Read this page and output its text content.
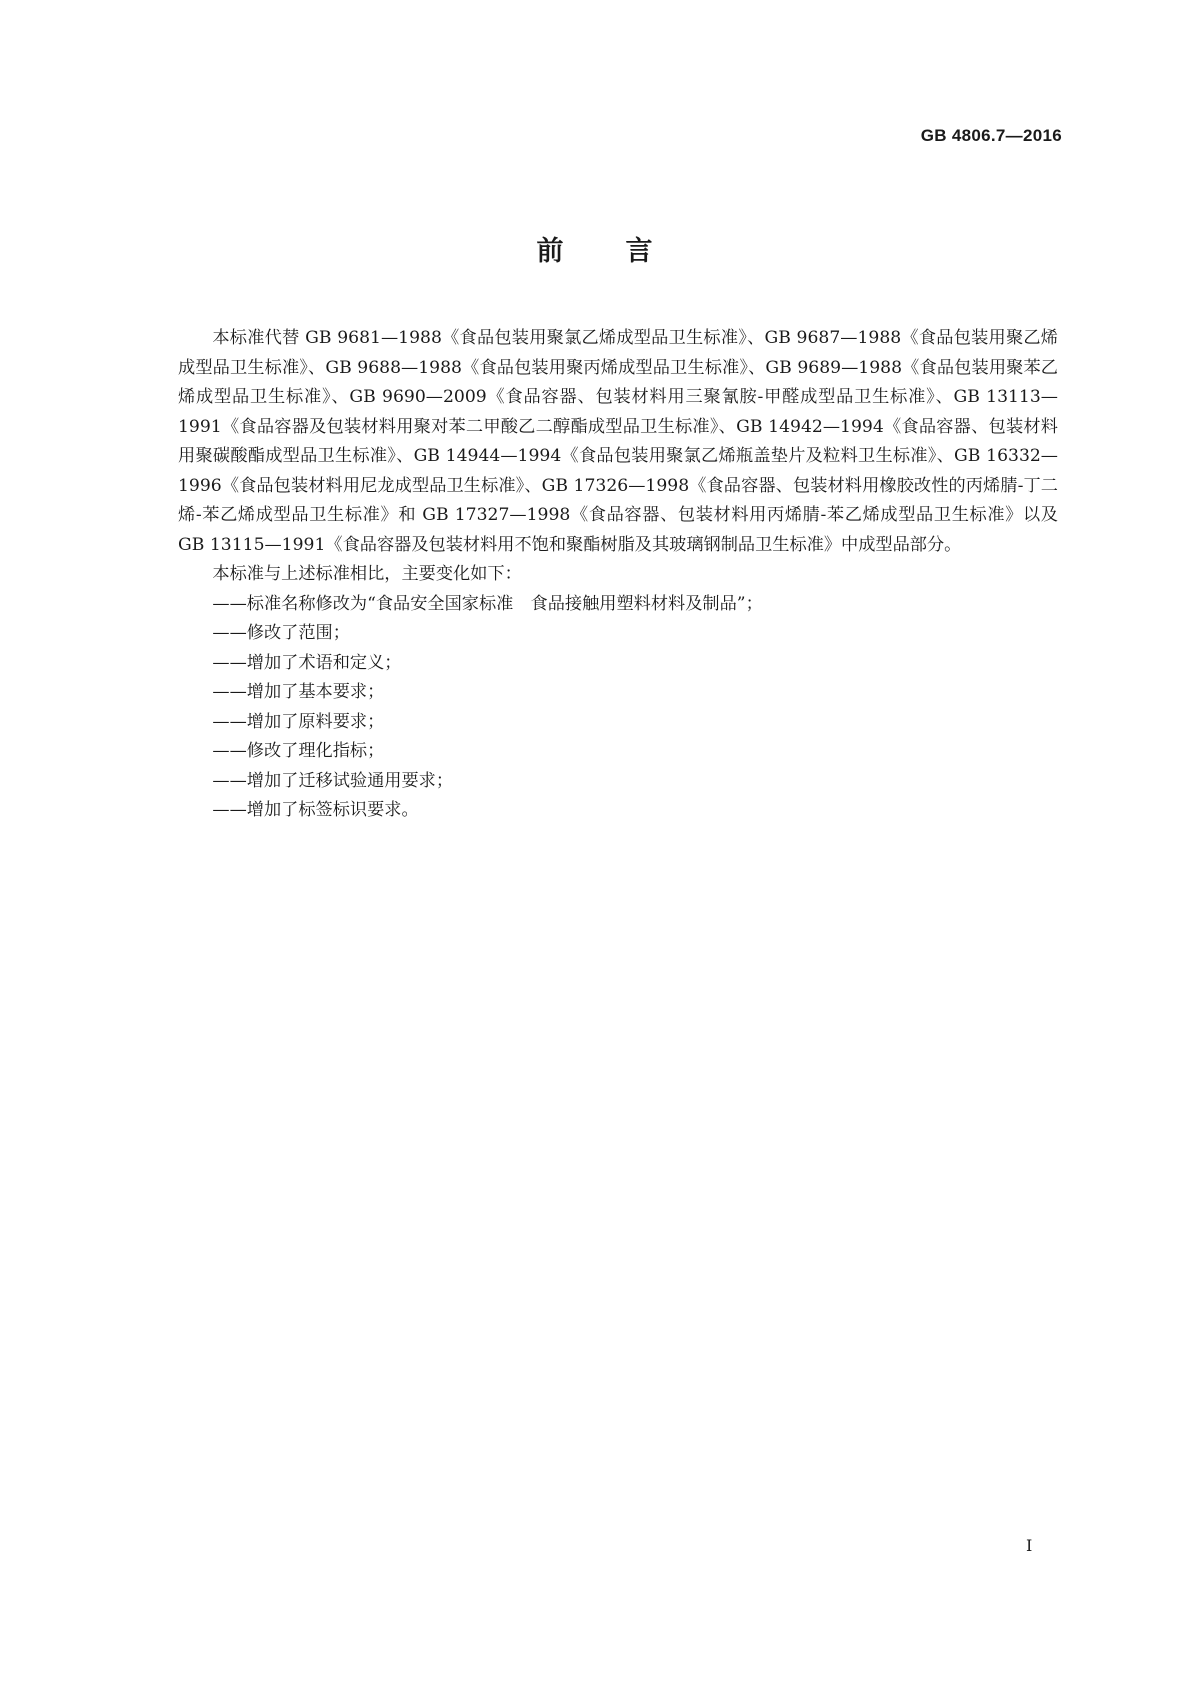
GB 4806.7—2016
前 言

本标准代替 GB 9681—1988《食品包装用聚氯乙烯成型品卫生标准》、GB 9687—1988《食品包装用聚乙烯成型品卫生标准》、GB 9688—1988《食品包装用聚丙烯成型品卫生标准》、GB 9689—1988《食品包装用聚苯乙烯成型品卫生标准》、GB 9690—2009《食品容器、包装材料用三聚氰胺-甲醛成型品卫生标准》、GB 13113—1991《食品容器及包装材料用聚对苯二甲酸乙二醇酯成型品卫生标准》、GB 14942—1994《食品容器、包装材料用聚碳酸酯成型品卫生标准》、GB 14944—1994《食品包装用聚氯乙烯瓶盖垫片及粒料卫生标准》、GB 16332—1996《食品包装材料用尼龙成型品卫生标准》、GB 17326—1998《食品容器、包装材料用橡胶改性的丙烯腈-丁二烯-苯乙烯成型品卫生标准》和 GB 17327—1998《食品容器、包装材料用丙烯腈-苯乙烯成型品卫生标准》以及 GB 13115—1991《食品容器及包装材料用不饱和聚酯树脂及其玻璃钢制品卫生标准》中成型品部分。

本标准与上述标准相比，主要变化如下：

——标准名称修改为“食品安全国家标准　食品接触用塑料材料及制品”；
——修改了范围；
——增加了术语和定义；
——增加了基本要求；
——增加了原料要求；
——修改了理化指标；
——增加了迁移试验通用要求；
——增加了标签标识要求。
I
